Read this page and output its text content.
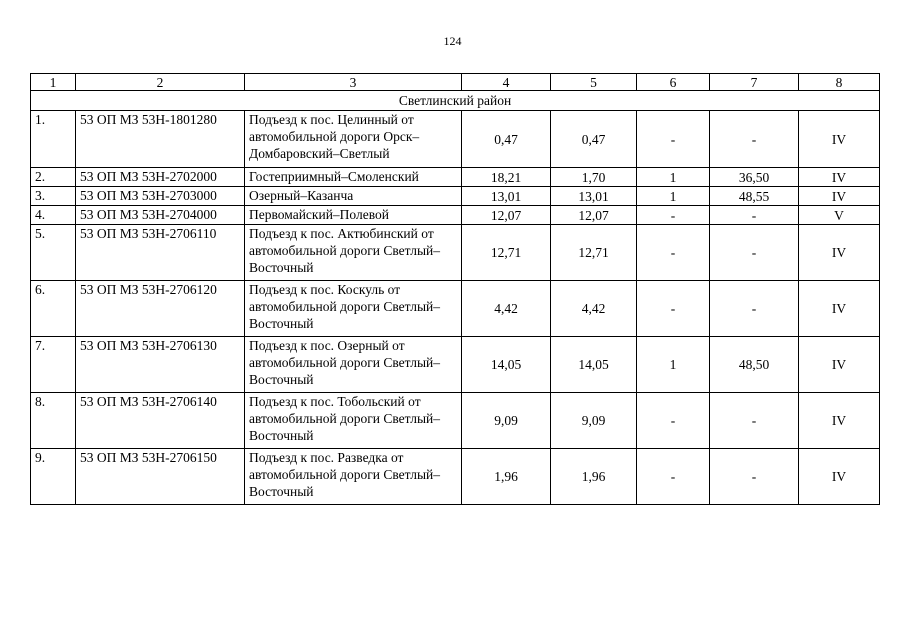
124
1	2	3	4	5	6	7	8
Светлинский район							
1.	53 ОП МЗ 53Н-1801280	Подъезд к пос. Целинный от автомобильной дороги Орск–Домбаровский–Светлый	0,47	0,47	-	-	IV
2.	53 ОП МЗ 53Н-2702000	Гостеприимный–Смоленский	18,21	1,70	1	36,50	IV
3.	53 ОП МЗ 53Н-2703000	Озерный–Казанча	13,01	13,01	1	48,55	IV
4.	53 ОП МЗ 53Н-2704000	Первомайский–Полевой	12,07	12,07	-	-	V
5.	53 ОП МЗ 53Н-2706110	Подъезд к пос. Актюбинский от автомобильной дороги Светлый–Восточный	12,71	12,71	-	-	IV
6.	53 ОП МЗ 53Н-2706120	Подъезд к пос. Коскуль от автомобильной дороги Светлый–Восточный	4,42	4,42	-	-	IV
7.	53 ОП МЗ 53Н-2706130	Подъезд к пос. Озерный от автомобильной дороги Светлый–Восточный	14,05	14,05	1	48,50	IV
8.	53 ОП МЗ 53Н-2706140	Подъезд к пос. Тобольский от автомобильной дороги Светлый–Восточный	9,09	9,09	-	-	IV
9.	53 ОП МЗ 53Н-2706150	Подъезд к пос. Разведка от автомобильной дороги Светлый–Восточный	1,96	1,96	-	-	IV
